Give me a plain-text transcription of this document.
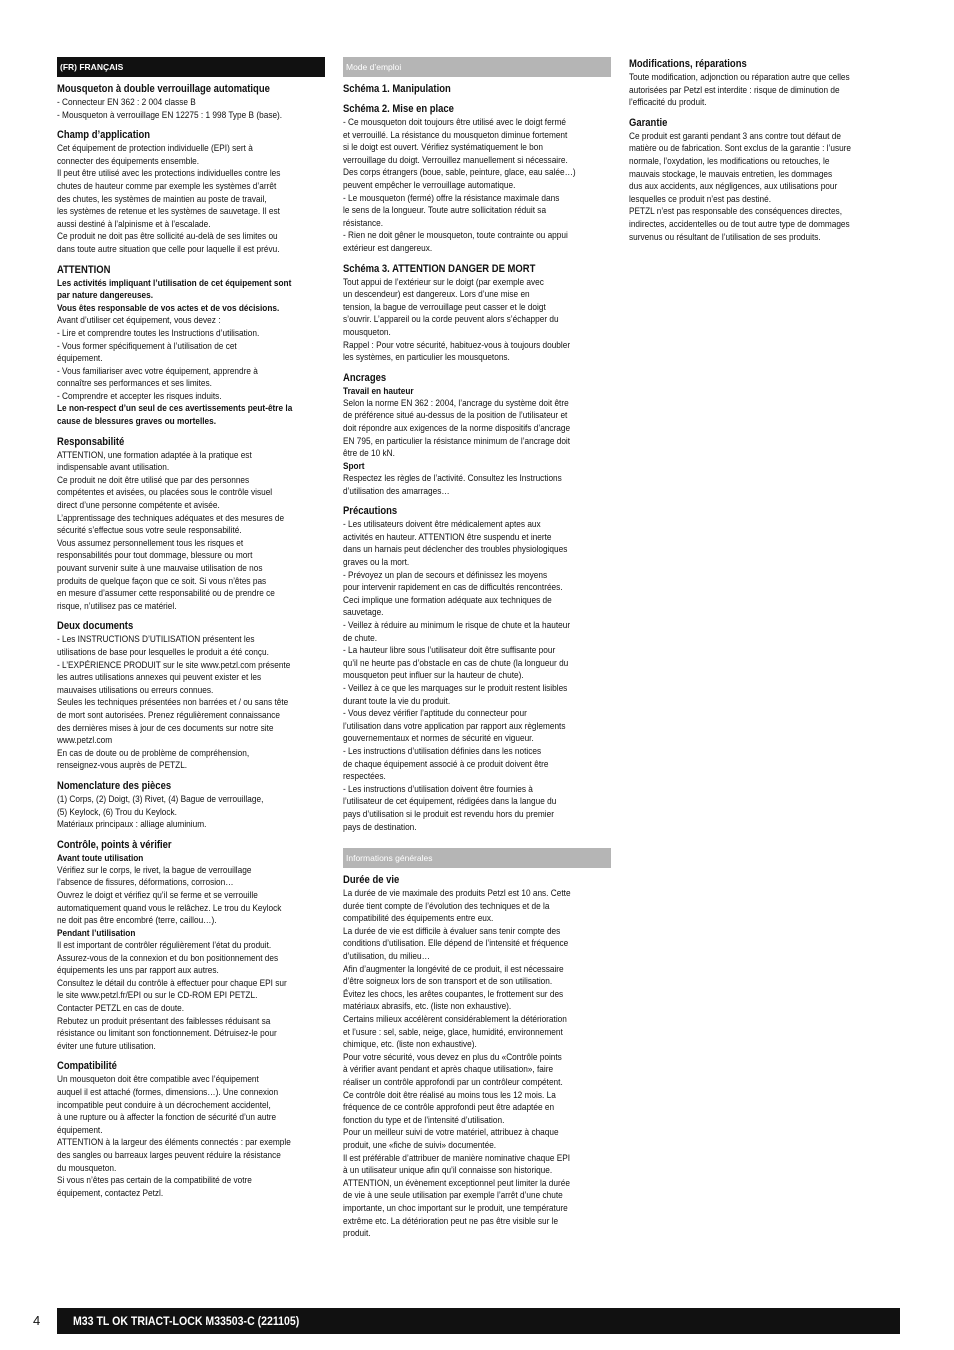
(FR) FRANÇAIS
Mousqueton à double verrouillage automatique
- Connecteur EN 362 : 2 004 classe B
- Mousqueton à verrouillage EN 12275 : 1 998 Type B (base).
Champ d’application
Cet équipement de protection individuelle (EPI) sert à
connecter des équipements ensemble.
Il peut être utilisé avec les protections individuelles contre les
chutes de hauteur comme par exemple les systèmes d’arrêt
des chutes, les systèmes de maintien au poste de travail,
les systèmes de retenue et les systèmes de sauvetage. Il est
aussi destiné à l’alpinisme et à l’escalade.
Ce produit ne doit pas être sollicité au-delà de ses limites ou
dans toute autre situation que celle pour laquelle il est prévu.
ATTENTION
Les activités impliquant l’utilisation de cet équipement sont
par nature dangereuses.
Vous êtes responsable de vos actes et de vos décisions.
Avant d’utiliser cet équipement, vous devez :
- Lire et comprendre toutes les Instructions d’utilisation.
- Vous former spécifiquement à l’utilisation de cet
équipement.
- Vous familiariser avec votre équipement, apprendre à
connaître ses performances et ses limites.
- Comprendre et accepter les risques induits.
Le non-respect d’un seul de ces avertissements peut-être la
cause de blessures graves ou mortelles.
Responsabilité
ATTENTION, une formation adaptée à la pratique est
indispensable avant utilisation.
Ce produit ne doit être utilisé que par des personnes
compétentes et avisées, ou placées sous le contrôle visuel
direct d’une personne compétente et avisée.
L’apprentissage des techniques adéquates et des mesures de
sécurité s’effectue sous votre seule responsabilité.
Vous assumez personnellement tous les risques et
responsabilités pour tout dommage, blessure ou mort
pouvant survenir suite à une mauvaise utilisation de nos
produits de quelque façon que ce soit. Si vous n’êtes pas
en mesure d’assumer cette responsabilité ou de prendre ce
risque, n’utilisez pas ce matériel.
Deux documents
- Les INSTRUCTIONS D’UTILISATION présentent les
utilisations de base pour lesquelles le produit a été conçu.
- L’EXPÉRIENCE PRODUIT sur le site www.petzl.com présente
les autres utilisations annexes qui peuvent exister et les
mauvaises utilisations ou erreurs connues.
Seules les techniques présentées non barrées et / ou sans tête
de mort sont autorisées. Prenez régulièrement connaissance
des dernières mises à jour de ces documents sur notre site
www.petzl.com
En cas de doute ou de problème de compréhension,
renseignez-vous auprès de PETZL.
Nomenclature des pièces
(1) Corps, (2) Doigt, (3) Rivet, (4) Bague de verrouillage,
(5) Keylock, (6) Trou du Keylock.
Matériaux principaux : alliage aluminium.
Contrôle, points à vérifier
Avant toute utilisation
Vérifiez sur le corps, le rivet, la bague de verrouillage
l’absence de fissures, déformations, corrosion…
Ouvrez le doigt et vérifiez qu’il se ferme et se verrouille
automatiquement quand vous le relâchez. Le trou du Keylock
ne doit pas être encombré (terre, caillou…).
Pendant l’utilisation
Il est important de contrôler régulièrement l’état du produit.
Assurez-vous de la connexion et du bon positionnement des
équipements les uns par rapport aux autres.
Consultez le détail du contrôle à effectuer pour chaque EPI sur
le site www.petzl.fr/EPI ou sur le CD-ROM EPI PETZL.
Contacter PETZL en cas de doute.
Rebutez un produit présentant des faiblesses réduisant sa
résistance ou limitant son fonctionnement. Détruisez-le pour
éviter une future utilisation.
Compatibilité
Un mousqueton doit être compatible avec l’équipement
auquel il est attaché (formes, dimensions…). Une connexion
incompatible peut conduire à un décrochement accidentel,
à une rupture ou à affecter la fonction de sécurité d’un autre
équipement.
ATTENTION à la largeur des éléments connectés : par exemple
des sangles ou barreaux larges peuvent réduire la résistance
du mousqueton.
Si vous n’êtes pas certain de la compatibilité de votre
équipement, contactez Petzl.
Mode d’emploi
Schéma 1. Manipulation
Schéma 2. Mise en place
- Ce mousqueton doit toujours être utilisé avec le doigt fermé
et verrouillé. La résistance du mousqueton diminue fortement
si le doigt est ouvert. Vérifiez systématiquement le bon
verrouillage du doigt. Verrouillez manuellement si nécessaire.
Des corps étrangers (boue, sable, peinture, glace, eau salée…)
peuvent empêcher le verrouillage automatique.
- Le mousqueton (fermé) offre la résistance maximale dans
le sens de la longueur. Toute autre sollicitation réduit sa
résistance.
- Rien ne doit gêner le mousqueton, toute contrainte ou appui
extérieur est dangereux.
Schéma 3. ATTENTION DANGER DE MORT
Tout appui de l’extérieur sur le doigt (par exemple avec
un descendeur) est dangereux. Lors d’une mise en
tension, la bague de verrouillage peut casser et le doigt
s’ouvrir. L’appareil ou la corde peuvent alors s’échapper du
mousqueton.
Rappel : Pour votre sécurité, habituez-vous à toujours doubler
les systèmes, en particulier les mousquetons.
Ancrages
Travail en hauteur
Selon la norme EN 362 : 2004, l’ancrage du système doit être
de préférence situé au-dessus de la position de l’utilisateur et
doit répondre aux exigences de la norme dispositifs d’ancrage
EN 795, en particulier la résistance minimum de l’ancrage doit
être de 10 kN.
Sport
Respectez les règles de l’activité. Consultez les Instructions
d’utilisation des amarrages…
Précautions
- Les utilisateurs doivent être médicalement aptes aux
activités en hauteur. ATTENTION être suspendu et inerte
dans un harnais peut déclencher des troubles physiologiques
graves ou la mort.
- Prévoyez un plan de secours et définissez les moyens
pour intervenir rapidement en cas de difficultés rencontrées.
Ceci implique une formation adéquate aux techniques de
sauvetage.
- Veillez à réduire au minimum le risque de chute et la hauteur
de chute.
- La hauteur libre sous l’utilisateur doit être suffisante pour
qu’il ne heurte pas d’obstacle en cas de chute (la longueur du
mousqueton peut influer sur la hauteur de chute).
- Veillez à ce que les marquages sur le produit restent lisibles
durant toute la vie du produit.
- Vous devez vérifier l’aptitude du connecteur pour
l’utilisation dans votre application par rapport aux règlements
gouvernementaux et normes de sécurité en vigueur.
- Les instructions d’utilisation définies dans les notices
de chaque équipement associé à ce produit doivent être
respectées.
- Les instructions d’utilisation doivent être fournies à
l’utilisateur de cet équipement, rédigées dans la langue du
pays d’utilisation si le produit est revendu hors du premier
pays de destination.
Informations générales
Durée de vie
La durée de vie maximale des produits Petzl est 10 ans. Cette
durée tient compte de l’évolution des techniques et de la
compatibilité des équipements entre eux.
La durée de vie est difficile à évaluer sans tenir compte des
conditions d’utilisation. Elle dépend de l’intensité et fréquence
d’utilisation, du milieu…
Afin d’augmenter la longévité de ce produit, il est nécessaire
d’être soigneux lors de son transport et de son utilisation.
Évitez les chocs, les arêtes coupantes, le frottement sur des
matériaux abrasifs, etc. (liste non exhaustive).
Certains milieux accélèrent considérablement la détérioration
et l’usure : sel, sable, neige, glace, humidité, environnement
chimique, etc. (liste non exhaustive).
Pour votre sécurité, vous devez en plus du «Contrôle points
à vérifier avant pendant et après chaque utilisation», faire
réaliser un contrôle approfondi par un contrôleur compétent.
Ce contrôle doit être réalisé au moins tous les 12 mois. La
fréquence de ce contrôle approfondi peut être adaptée en
fonction du type et de l’intensité d’utilisation.
Pour un meilleur suivi de votre matériel, attribuez à chaque
produit, une «fiche de suivi» documentée.
Il est préférable d’attribuer de manière nominative chaque EPI
à un utilisateur unique afin qu’il connaisse son historique.
ATTENTION, un évènement exceptionnel peut limiter la durée
de vie à une seule utilisation par exemple l’arrêt d’une chute
importante, un choc important sur le produit, une température
extrême etc. La détérioration peut ne pas être visible sur le
produit.
Modifications, réparations
Toute modification, adjonction ou réparation autre que celles
autorisées par Petzl est interdite : risque de diminution de
l’efficacité du produit.
Garantie
Ce produit est garanti pendant 3 ans contre tout défaut de
matière ou de fabrication. Sont exclus de la garantie : l’usure
normale, l’oxydation, les modifications ou retouches, le
mauvais stockage, le mauvais entretien, les dommages
dus aux accidents, aux négligences, aux utilisations pour
lesquelles ce produit n’est pas destiné.
PETZL n’est pas responsable des conséquences directes,
indirectes, accidentelles ou de tout autre type de dommages
survenus ou résultant de l’utilisation de ses produits.
4	M33 TL OK TRIACT-LOCK M33503-C (221105)
